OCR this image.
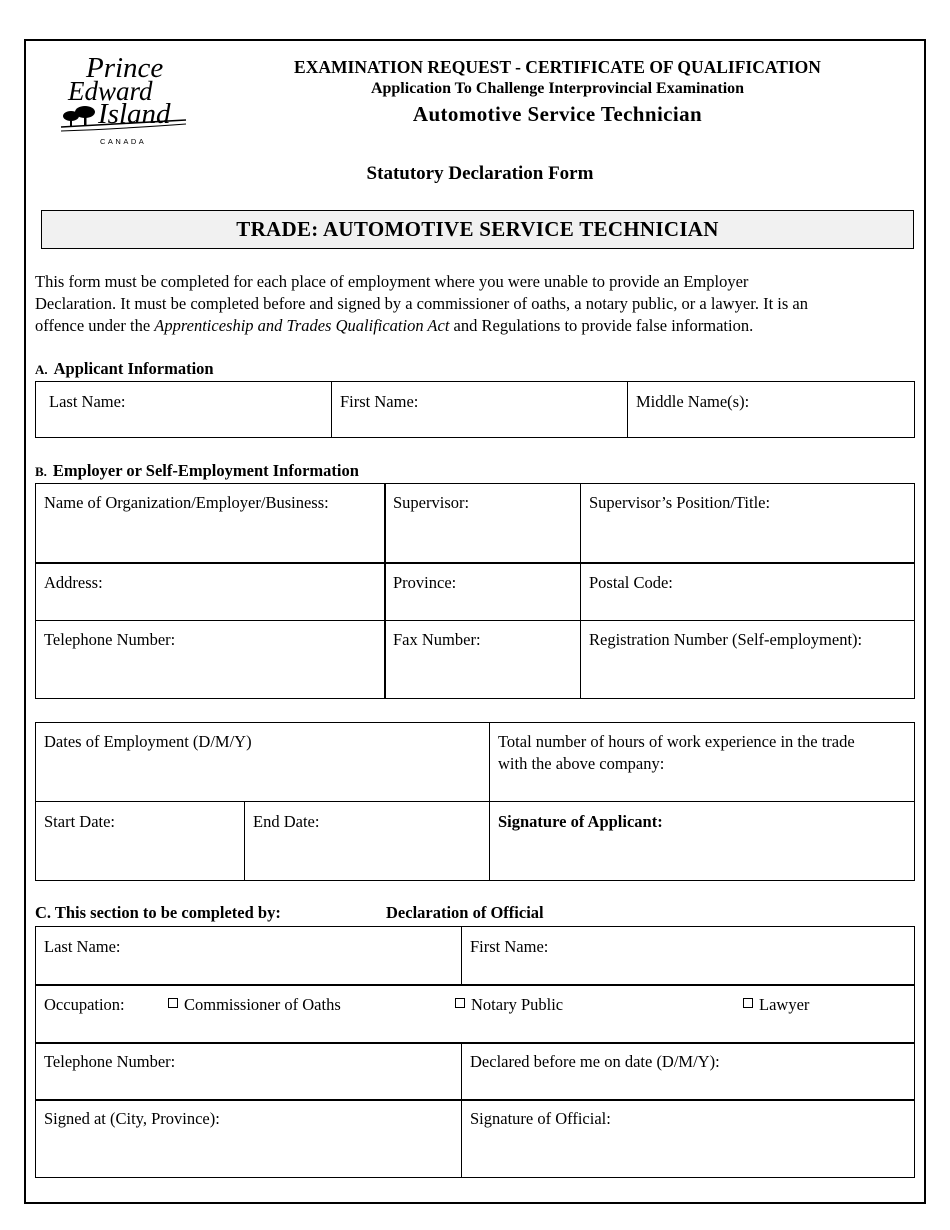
Prince
Edward
Island
CANADA
EXAMINATION REQUEST - CERTIFICATE OF QUALIFICATION
Application To Challenge Interprovincial Examination
Automotive Service Technician
Statutory Declaration Form
TRADE: AUTOMOTIVE SERVICE TECHNICIAN
This form must be completed for each place of employment where you were unable to provide an Employer
Declaration. It must be completed before and signed by a commissioner of oaths, a notary public, or a lawyer. It is an
offence under the Apprenticeship and Trades Qualification Act and Regulations to provide false information.
A. Applicant Information
Last Name:	First Name:	Middle Name(s):
B. Employer or Self-Employment Information
Name of Organization/Employer/Business:	Supervisor:	Supervisor’s Position/Title:
Address:	Province:	Postal Code:
Telephone Number:	Fax Number:	Registration Number (Self-employment):
Dates of Employment (D/M/Y)	Total number of hours of work experience in the trade
with the above company:
Start Date:	End Date:	Signature of Applicant:
C. This section to be completed by:	Declaration of Official
Last Name:	First Name:
Occupation:	Commissioner of Oaths	Notary Public	Lawyer
Telephone Number:	Declared before me on date (D/M/Y):
Signed at (City, Province):	Signature of Official:
